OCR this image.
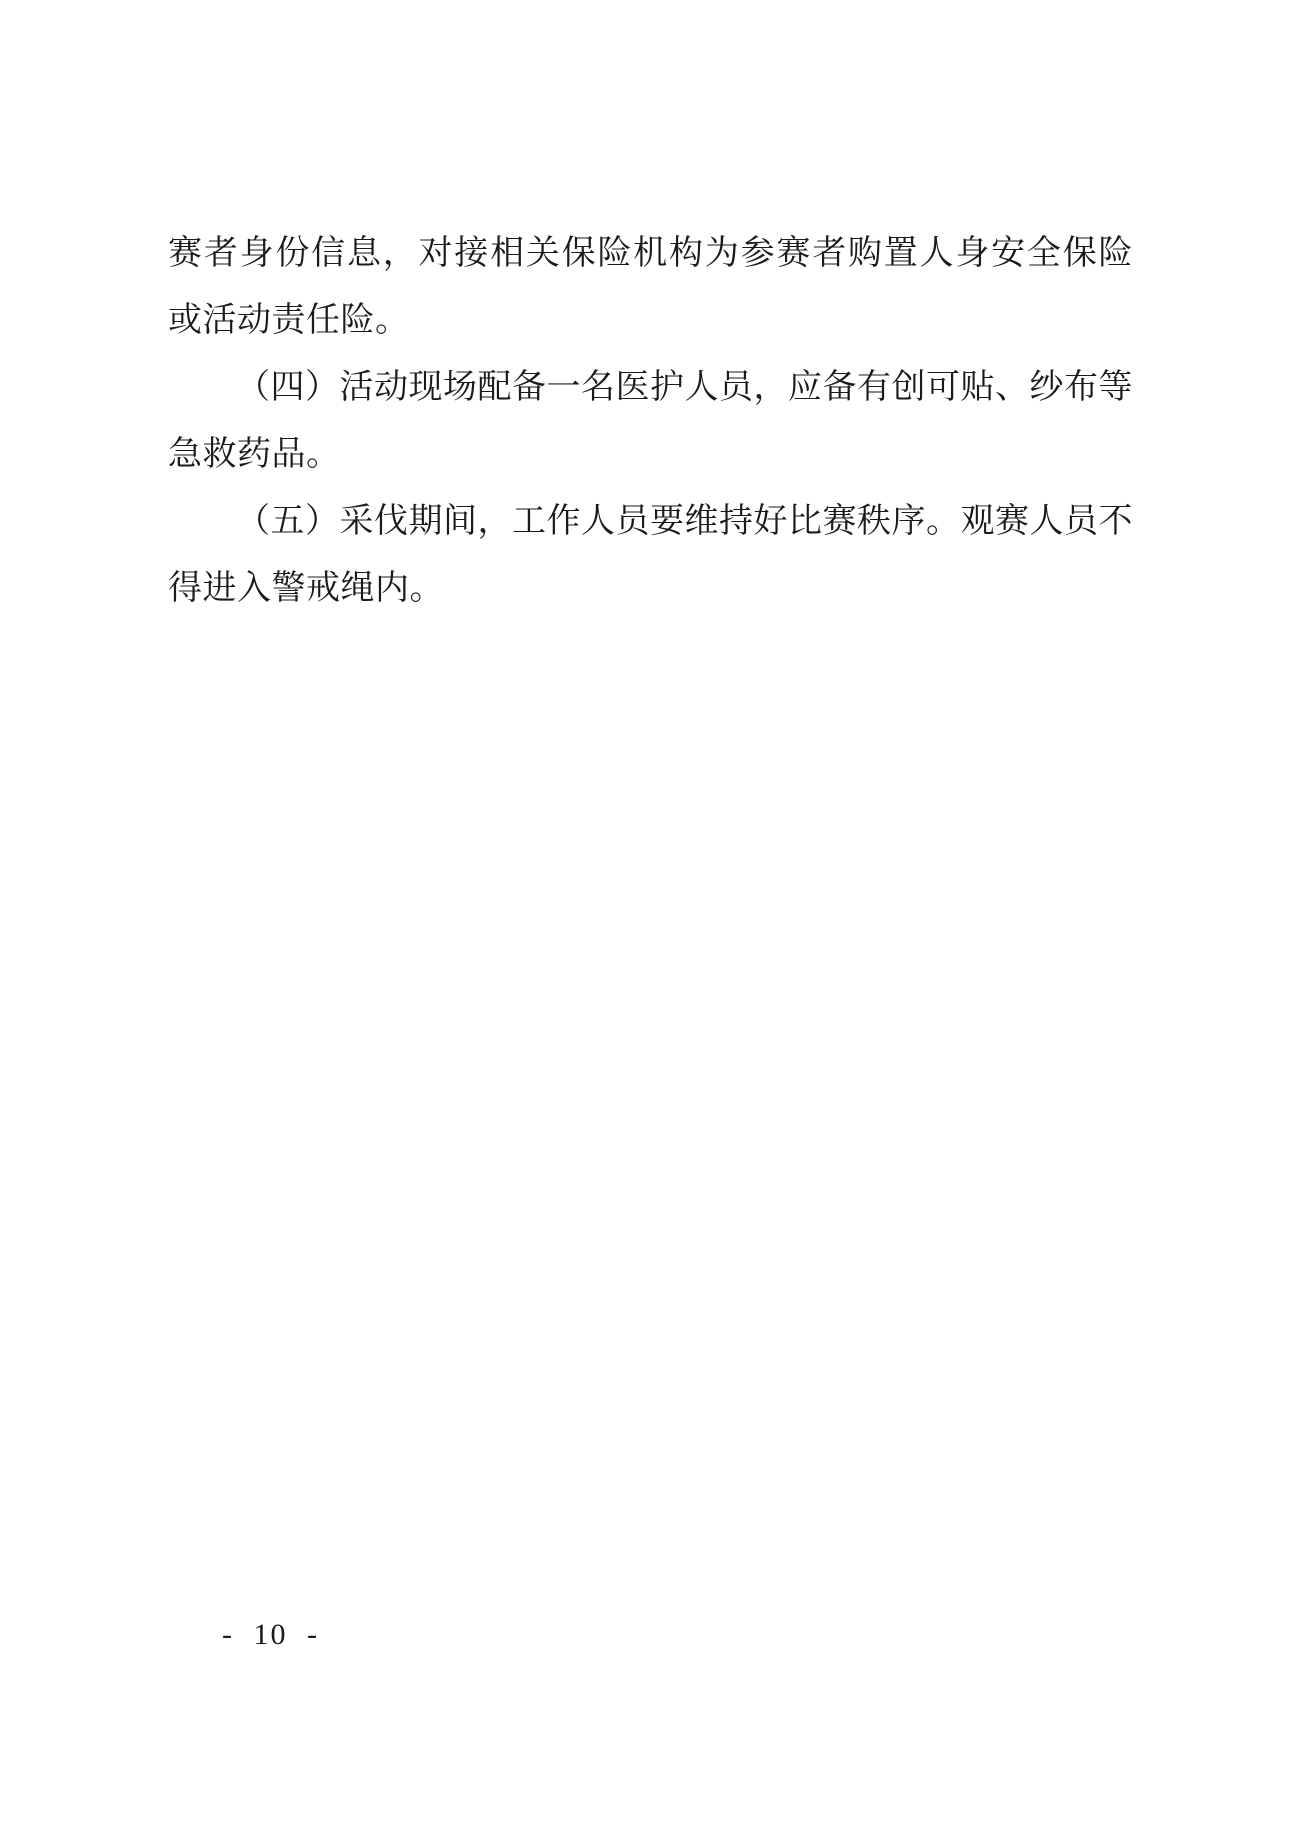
赛者身份信息，对接相关保险机构为参赛者购置人身安全保险或活动责任险。

（四）活动现场配备一名医护人员，应备有创可贴、纱布等急救药品。

（五）采伐期间，工作人员要维持好比赛秩序。观赛人员不得进入警戒绳内。

- 10 -
